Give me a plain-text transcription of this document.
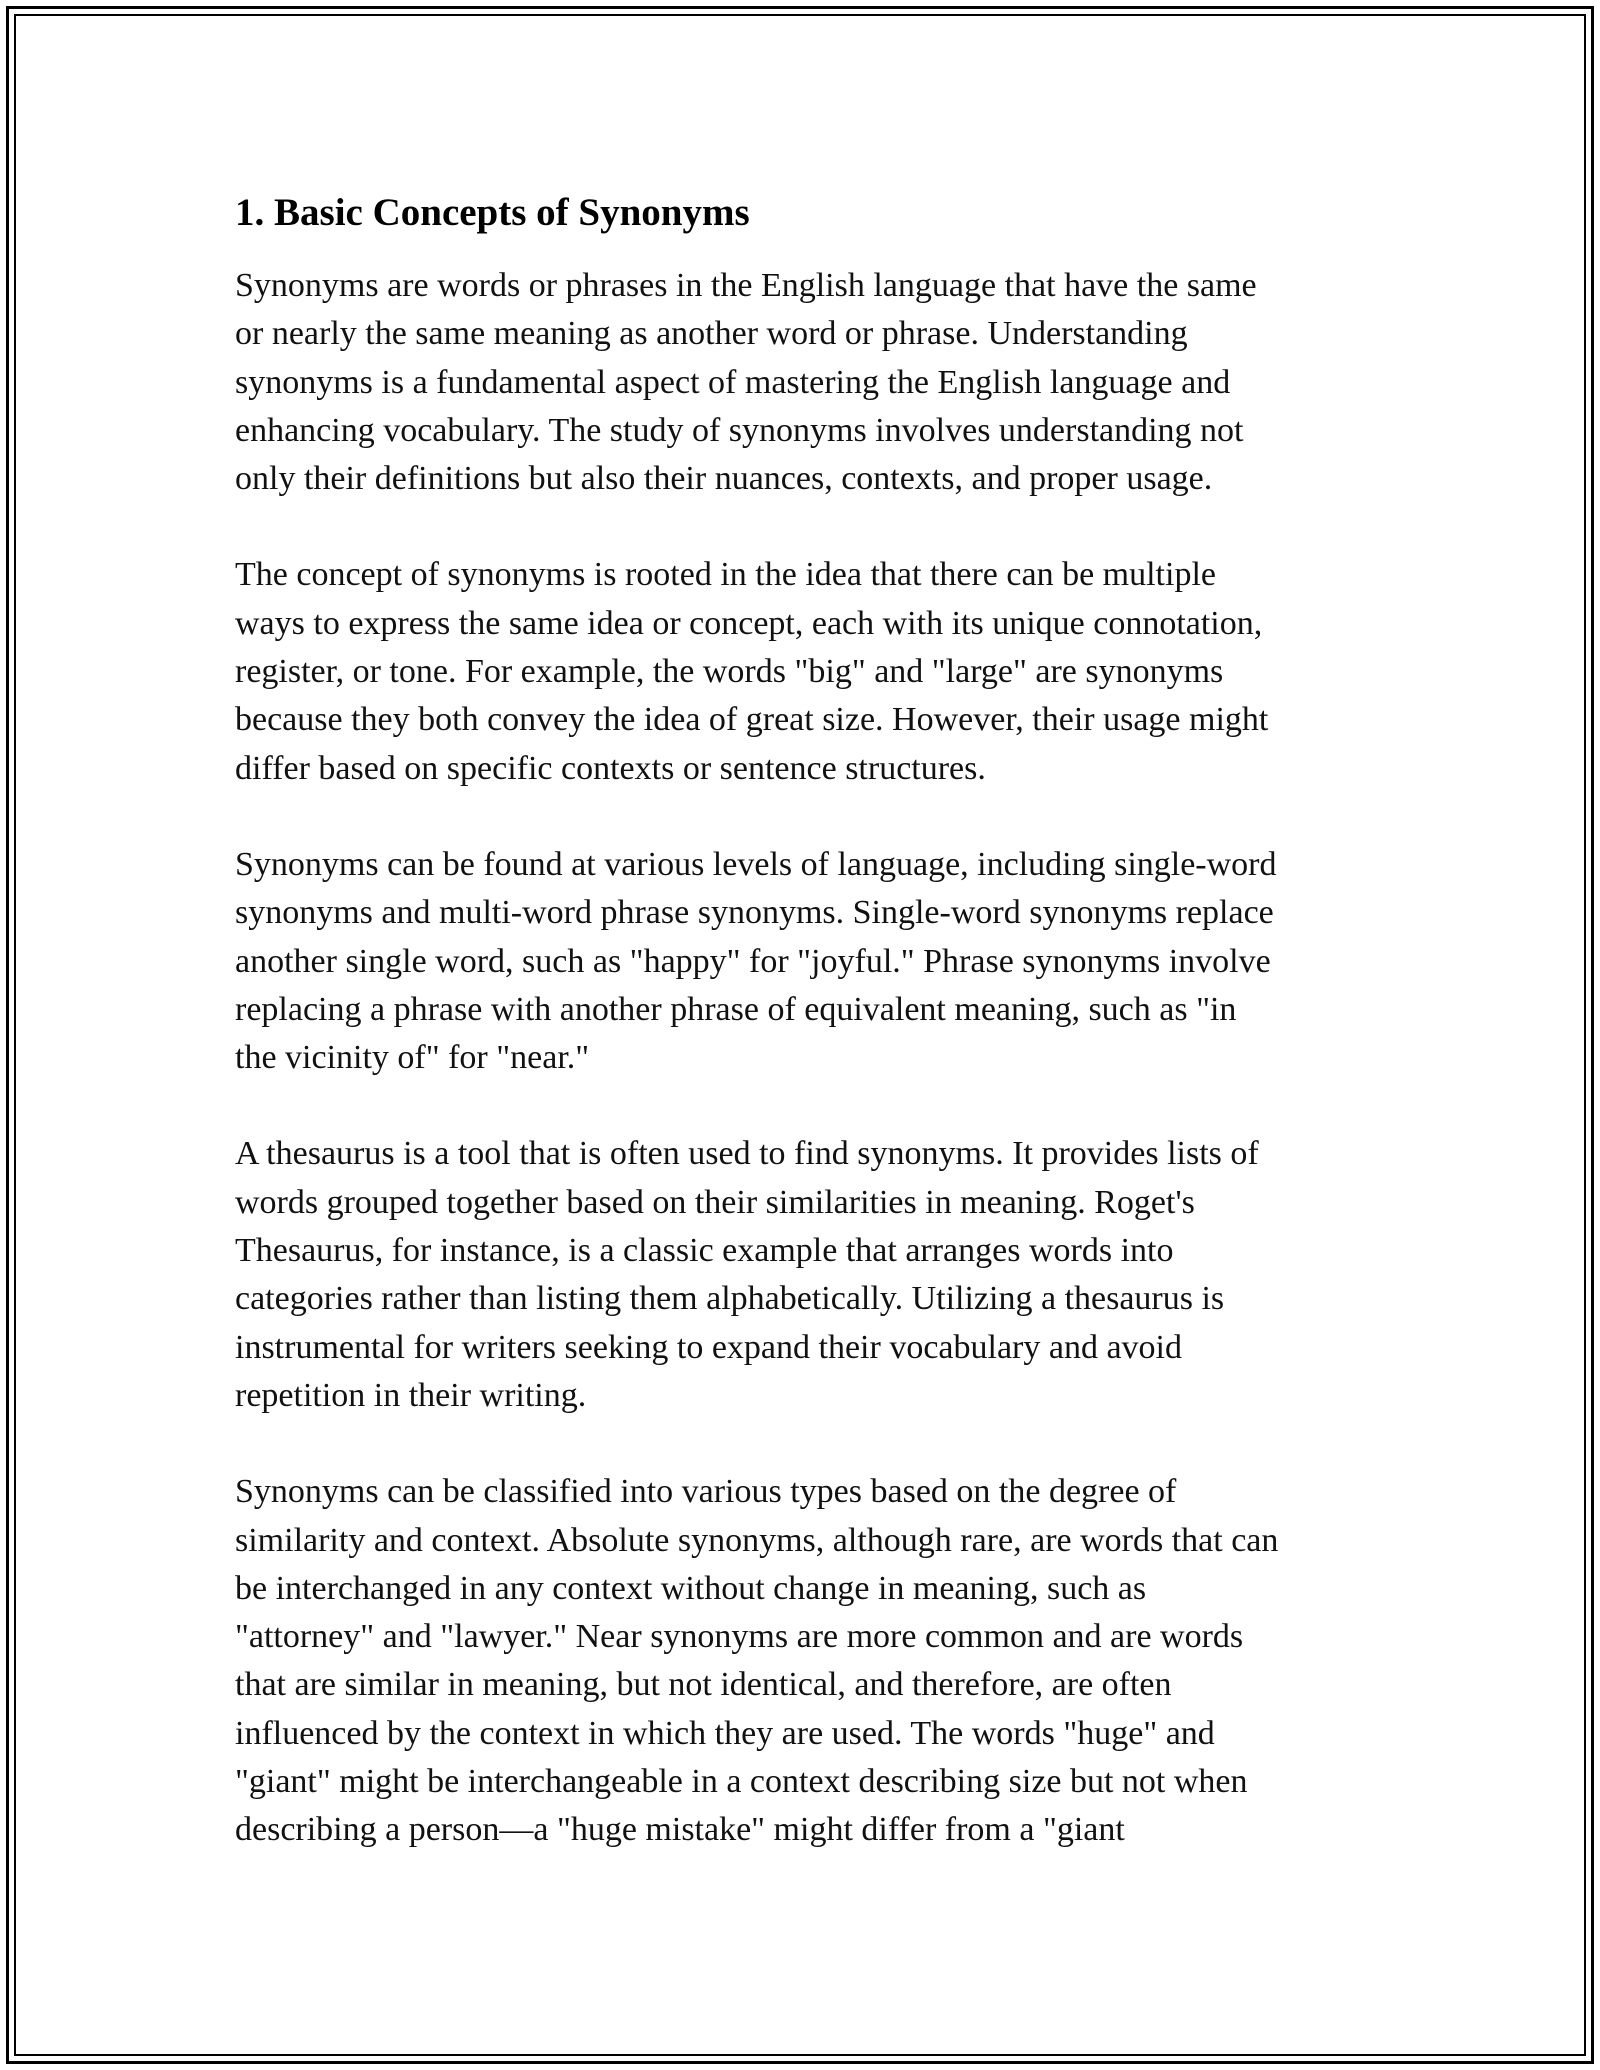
1. Basic Concepts of Synonyms

Synonyms are words or phrases in the English language that have the same
or nearly the same meaning as another word or phrase. Understanding
synonyms is a fundamental aspect of mastering the English language and
enhancing vocabulary. The study of synonyms involves understanding not
only their definitions but also their nuances, contexts, and proper usage.

The concept of synonyms is rooted in the idea that there can be multiple
ways to express the same idea or concept, each with its unique connotation,
register, or tone. For example, the words "big" and "large" are synonyms
because they both convey the idea of great size. However, their usage might
differ based on specific contexts or sentence structures.

Synonyms can be found at various levels of language, including single-word
synonyms and multi-word phrase synonyms. Single-word synonyms replace
another single word, such as "happy" for "joyful." Phrase synonyms involve
replacing a phrase with another phrase of equivalent meaning, such as "in
the vicinity of" for "near."

A thesaurus is a tool that is often used to find synonyms. It provides lists of
words grouped together based on their similarities in meaning. Roget's
Thesaurus, for instance, is a classic example that arranges words into
categories rather than listing them alphabetically. Utilizing a thesaurus is
instrumental for writers seeking to expand their vocabulary and avoid
repetition in their writing.

Synonyms can be classified into various types based on the degree of
similarity and context. Absolute synonyms, although rare, are words that can
be interchanged in any context without change in meaning, such as
"attorney" and "lawyer." Near synonyms are more common and are words
that are similar in meaning, but not identical, and therefore, are often
influenced by the context in which they are used. The words "huge" and
"giant" might be interchangeable in a context describing size but not when
describing a person—a "huge mistake" might differ from a "giant
